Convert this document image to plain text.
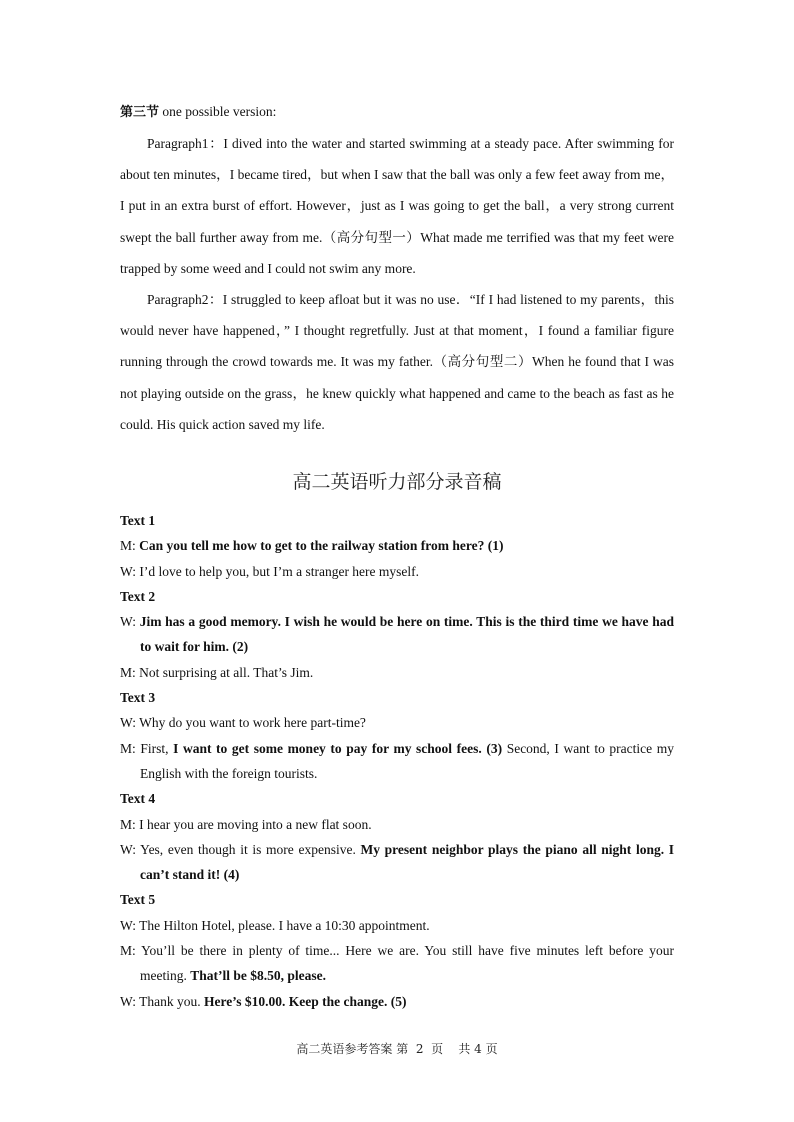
第三节 one possible version:
Paragraph1：I dived into the water and started swimming at a steady pace. After swimming for about ten minutes，I became tired，but when I saw that the ball was only a few feet away from me，I put in an extra burst of effort. However，just as I was going to get the ball，a very strong current swept the ball further away from me.（高分句型一）What made me terrified was that my feet were trapped by some weed and I could not swim any more.
Paragraph2：I struggled to keep afloat but it was no use．“If I had listened to my parents，this would never have happened，” I thought regretfully. Just at that moment，I found a familiar figure running through the crowd towards me. It was my father.（高分句型二）When he found that I was not playing outside on the grass，he knew quickly what happened and came to the beach as fast as he could. His quick action saved my life.
高二英语听力部分录音稿
Text 1
M: Can you tell me how to get to the railway station from here? (1)
W: I’d love to help you, but I’m a stranger here myself.
Text 2
W: Jim has a good memory. I wish he would be here on time. This is the third time we have had to wait for him. (2)
M: Not surprising at all. That’s Jim.
Text 3
W: Why do you want to work here part-time?
M: First, I want to get some money to pay for my school fees. (3) Second, I want to practice my English with the foreign tourists.
Text 4
M: I hear you are moving into a new flat soon.
W: Yes, even though it is more expensive. My present neighbor plays the piano all night long. I can’t stand it! (4)
Text 5
W: The Hilton Hotel, please. I have a 10:30 appointment.
M: You’ll be there in plenty of time... Here we are. You still have five minutes left before your meeting. That’ll be $8.50, please.
W: Thank you. Here’s $10.00. Keep the change. (5)
高二英语参考答案 第  2  页    共 4 页
